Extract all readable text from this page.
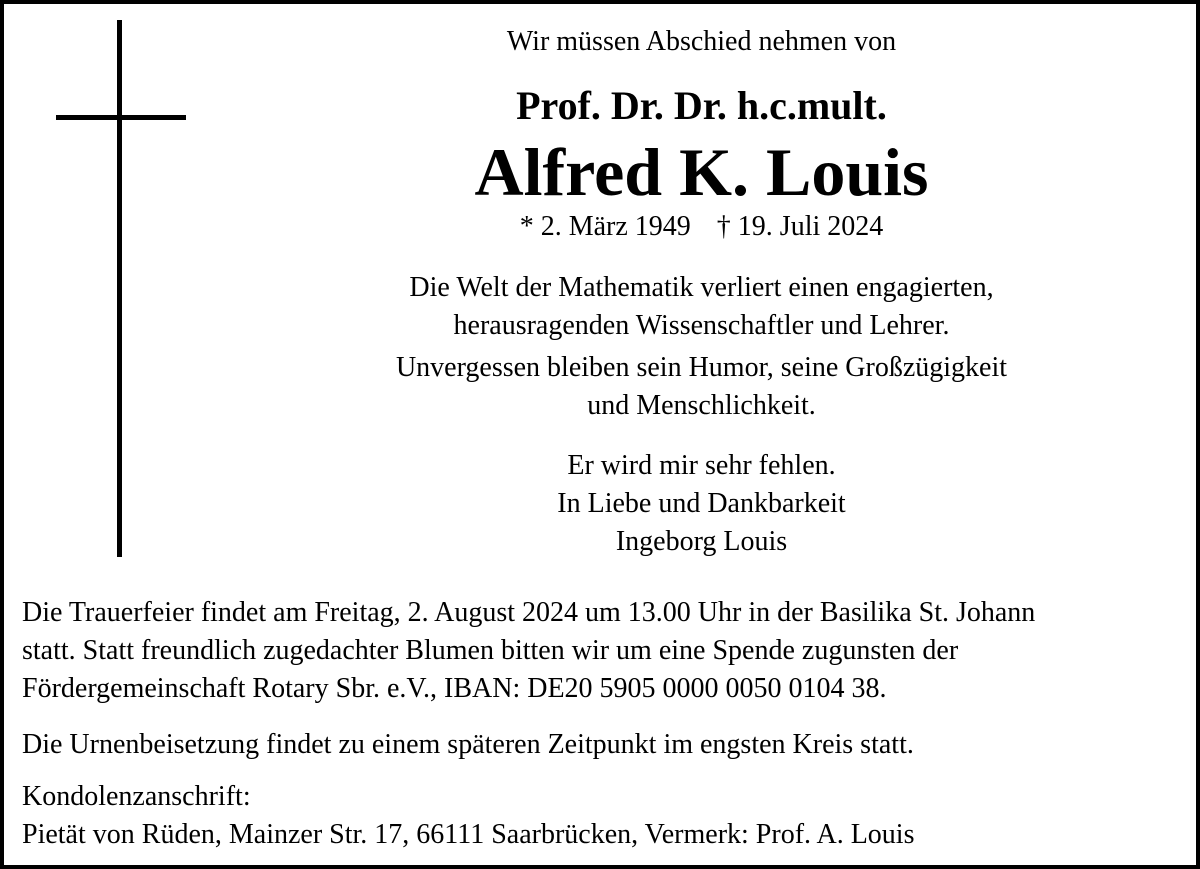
Wir müssen Abschied nehmen von
Prof. Dr. Dr. h.c.mult.
Alfred K. Louis
* 2. März 1949 † 19. Juli 2024
Die Welt der Mathematik verliert einen engagierten,
herausragenden Wissenschaftler und Lehrer.
Unvergessen bleiben sein Humor, seine Großzügigkeit
und Menschlichkeit.
Er wird mir sehr fehlen.
In Liebe und Dankbarkeit
Ingeborg Louis
Die Trauerfeier findet am Freitag, 2. August 2024 um 13.00 Uhr in der Basilika St. Johann
statt. Statt freundlich zugedachter Blumen bitten wir um eine Spende zugunsten der
Fördergemeinschaft Rotary Sbr. e.V., IBAN: DE20 5905 0000 0050 0104 38.
Die Urnenbeisetzung findet zu einem späteren Zeitpunkt im engsten Kreis statt.
Kondolenzanschrift:
Pietät von Rüden, Mainzer Str. 17, 66111 Saarbrücken, Vermerk: Prof. A. Louis
